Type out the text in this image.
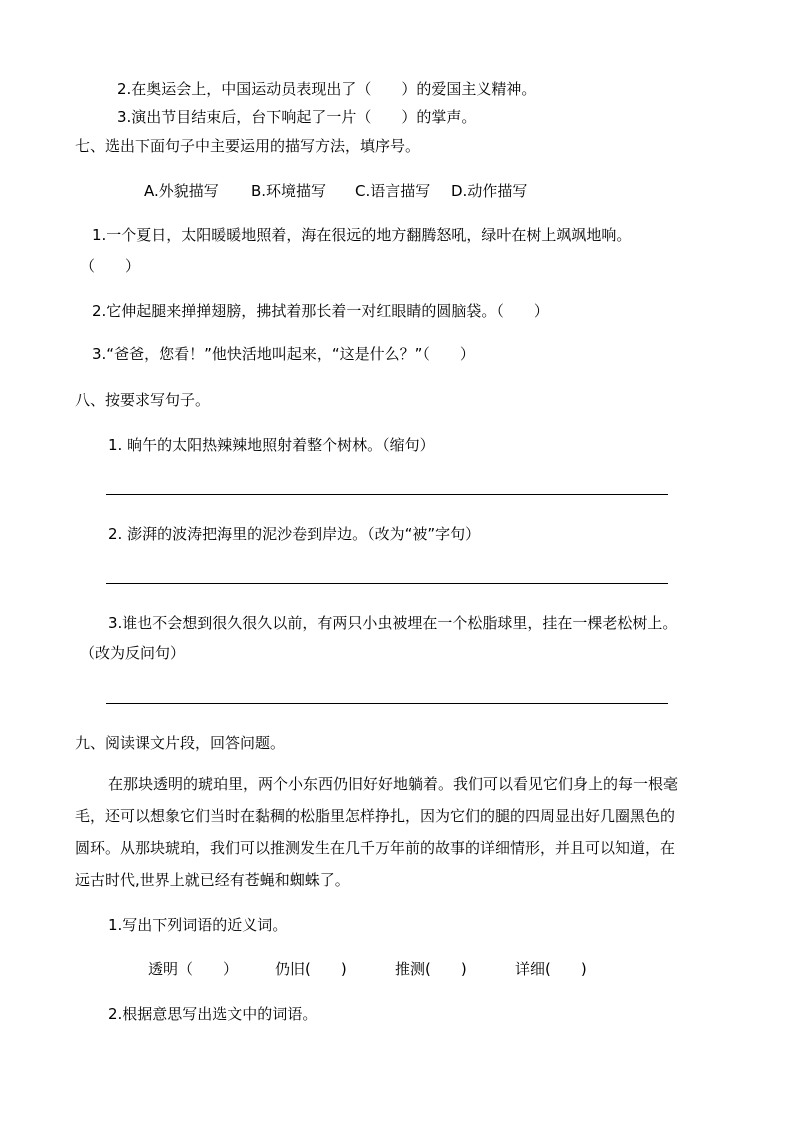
2.在奥运会上，中国运动员表现出了（　　）的爱国主义精神。
3.演出节目结束后，台下响起了一片（　　）的掌声。
七、选出下面句子中主要运用的描写方法，填序号。
A.外貌描写 B.环境描写 C.语言描写 D.动作描写
1.一个夏日，太阳暖暖地照着，海在很远的地方翻腾怒吼，绿叶在树上飒飒地响。
（　　）
2.它伸起腿来掸掸翅膀，拂拭着那长着一对红眼睛的圆脑袋。（　　）
3.“爸爸，您看！”他快活地叫起来，“这是什么？”（　　）
八、按要求写句子。
1. 晌午的太阳热辣辣地照射着整个树林。（缩句）
2. 澎湃的波涛把海里的泥沙卷到岸边。（改为“被”字句）
3.谁也不会想到很久很久以前，有两只小虫被埋在一个松脂球里，挂在一棵老松树上。
（改为反问句）
九、阅读课文片段，回答问题。
在那块透明的琥珀里，两个小东西仍旧好好地躺着。我们可以看见它们身上的每一根毫
毛，还可以想象它们当时在黏稠的松脂里怎样挣扎，因为它们的腿的四周显出好几圈黑色的
圆环。从那块琥珀，我们可以推测发生在几千万年前的故事的详细情形，并且可以知道，在
远古时代,世界上就已经有苍蝇和蜘蛛了。
1.写出下列词语的近义词。
透明（　　） 仍旧(　　)	推测(　　)	详细(　　)
2.根据意思写出选文中的词语。
